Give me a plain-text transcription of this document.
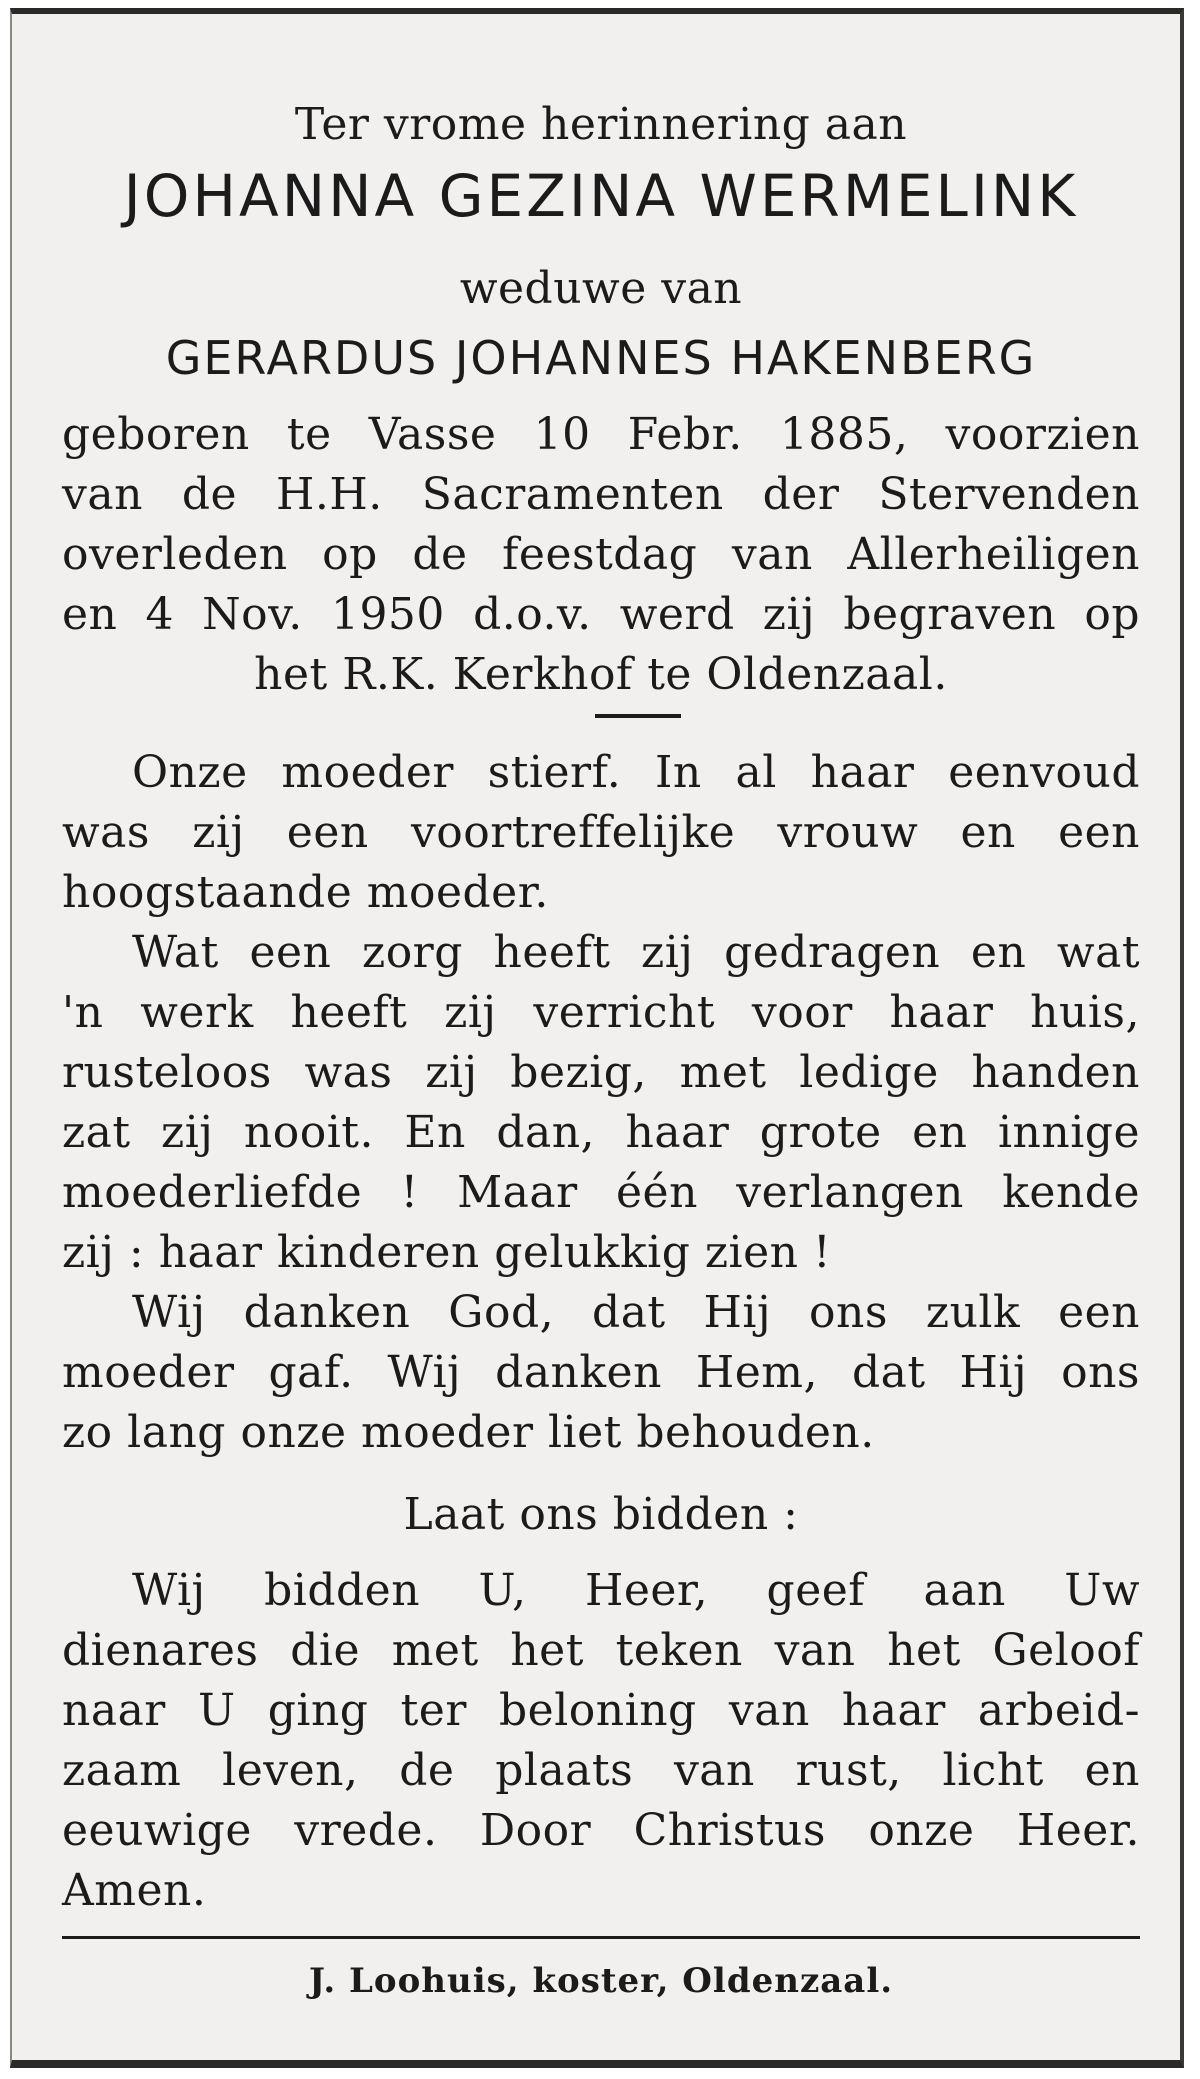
Ter vrome herinnering aan
JOHANNA GEZINA WERMELINK
weduwe van
GERARDUS JOHANNES HAKENBERG
geboren te Vasse 10 Febr. 1885, voorzien
van de H.H. Sacramenten der Stervenden
overleden op de feestdag van Allerheiligen
en 4 Nov. 1950 d.o.v. werd zij begraven op
het R.K. Kerkhof te Oldenzaal.
Onze moeder stierf. In al haar eenvoud
was zij een voortreffelijke vrouw en een
hoogstaande moeder.
Wat een zorg heeft zij gedragen en wat
'n werk heeft zij verricht voor haar huis,
rusteloos was zij bezig, met ledige handen
zat zij nooit. En dan, haar grote en innige
moederliefde ! Maar één verlangen kende
zij : haar kinderen gelukkig zien !
Wij danken God, dat Hij ons zulk een
moeder gaf. Wij danken Hem, dat Hij ons
zo lang onze moeder liet behouden.
Laat ons bidden :
Wij bidden U, Heer, geef aan Uw
dienares die met het teken van het Geloof
naar U ging ter beloning van haar arbeid-
zaam leven, de plaats van rust, licht en
eeuwige vrede. Door Christus onze Heer.
Amen.
J. Loohuis, koster, Oldenzaal.
